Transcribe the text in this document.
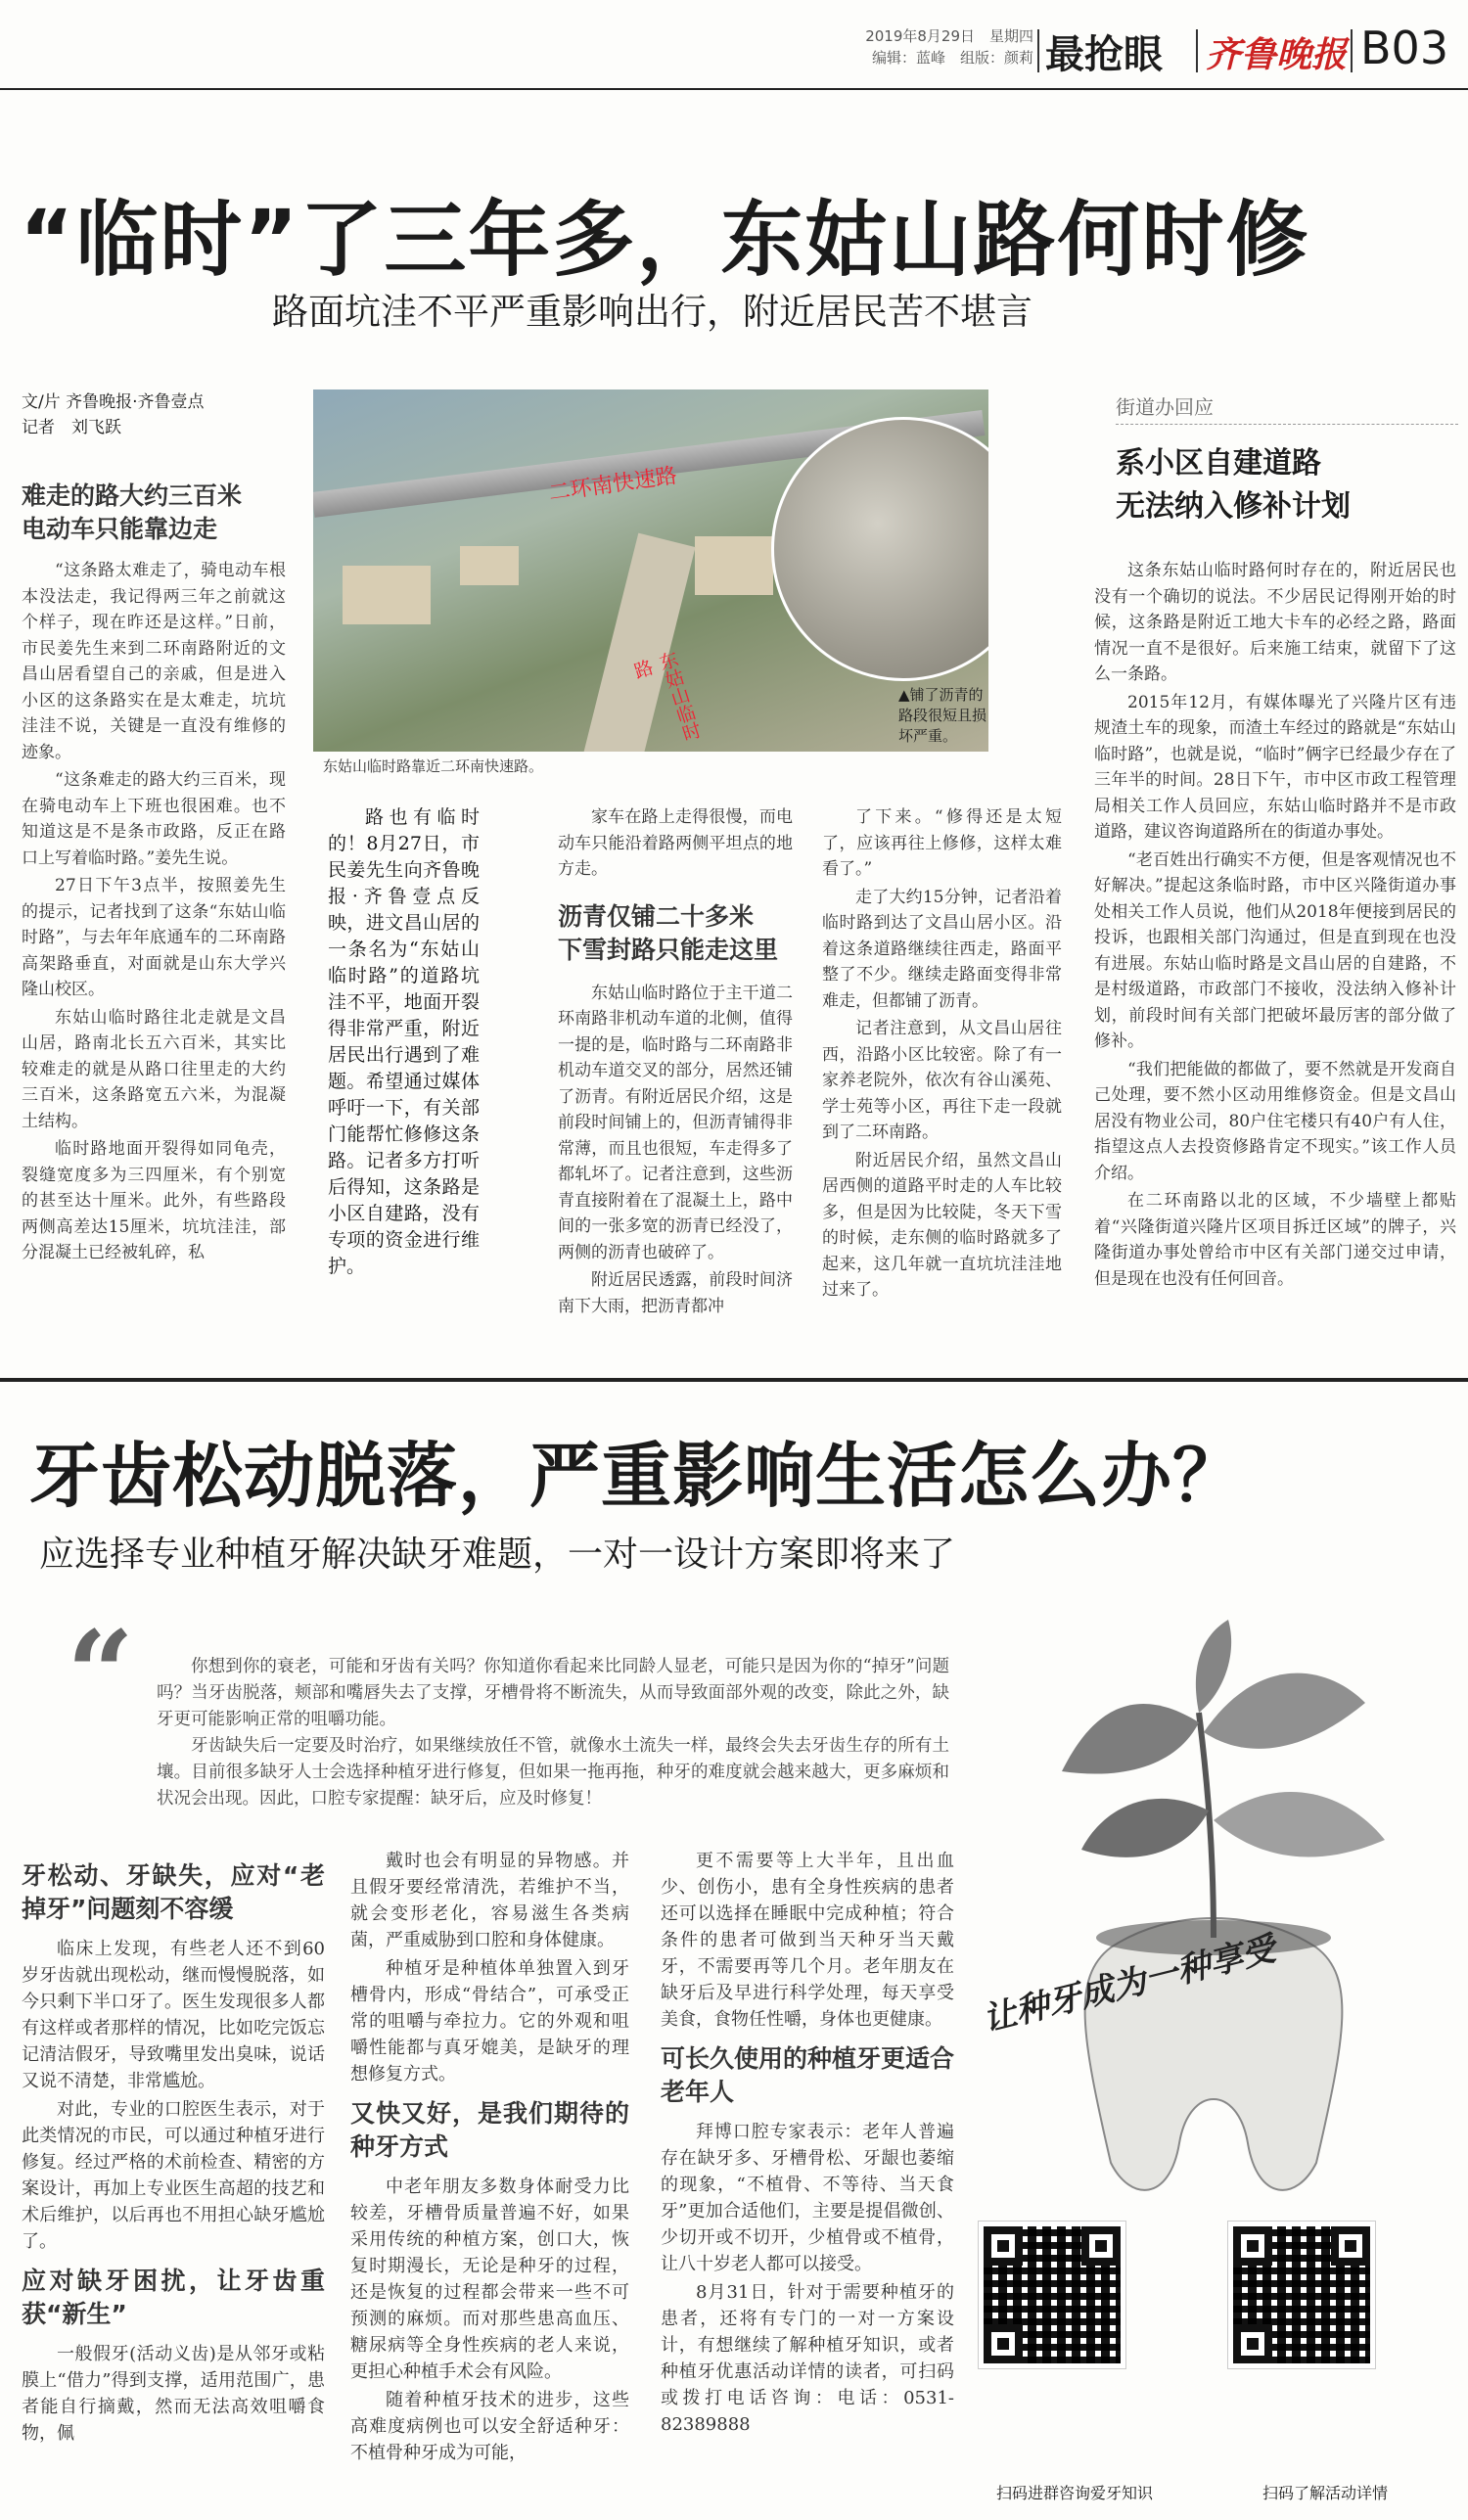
2019年8月29日　星期四
编辑：蓝峰　组版：颜莉 最抢眼 齐鲁晚报 B03
“临时”了三年多，东姑山路何时修
路面坑洼不平严重影响出行，附近居民苦不堪言
文/片 齐鲁晚报·齐鲁壹点
记者　刘飞跃
难走的路大约三百米
电动车只能靠边走

“这条路太难走了，骑电动车根本没法走，我记得两三年之前就这个样子，现在昨还是这样。”日前，市民姜先生来到二环南路附近的文昌山居看望自己的亲戚，但是进入小区的这条路实在是太难走，坑坑洼洼不说，关键是一直没有维修的迹象。

“这条难走的路大约三百米，现在骑电动车上下班也很困难。也不知道这是不是条市政路，反正在路口上写着临时路。”姜先生说。

27日下午3点半，按照姜先生的提示，记者找到了这条“东姑山临时路”，与去年年底通车的二环南路高架路垂直，对面就是山东大学兴隆山校区。

东姑山临时路往北走就是文昌山居，路南北长五六百米，其实比较难走的就是从路口往里走的大约三百米，这条路宽五六米，为混凝土结构。

临时路地面开裂得如同龟壳，裂缝宽度多为三四厘米，有个别宽的甚至达十厘米。此外，有些路段两侧高差达15厘米，坑坑洼洼，部分混凝土已经被轧碎，私

二环南快速路
东姑山临时路
东姑山临时路靠近二环南快速路。
▲铺了沥青的路段很短且损坏严重。

路也有临时的！8月27日，市民姜先生向齐鲁晚报·齐鲁壹点反映，进文昌山居的一条名为“东姑山临时路”的道路坑洼不平，地面开裂得非常严重，附近居民出行遇到了难题。希望通过媒体呼吁一下，有关部门能帮忙修修这条路。记者多方打听后得知，这条路是小区自建路，没有专项的资金进行维护。

家车在路上走得很慢，而电动车只能沿着路两侧平坦点的地方走。

沥青仅铺二十多米
下雪封路只能走这里

东姑山临时路位于主干道二环南路非机动车道的北侧，值得一提的是，临时路与二环南路非机动车道交叉的部分，居然还铺了沥青。有附近居民介绍，这是前段时间铺上的，但沥青铺得非常薄，而且也很短，车走得多了都轧坏了。记者注意到，这些沥青直接附着在了混凝土上，路中间的一张多宽的沥青已经没了，两侧的沥青也破碎了。

附近居民透露，前段时间济南下大雨，把沥青都冲

了下来。“修得还是太短了，应该再往上修修，这样太难看了。”

走了大约15分钟，记者沿着临时路到达了文昌山居小区。沿着这条道路继续往西走，路面平整了不少。继续走路面变得非常难走，但都铺了沥青。

记者注意到，从文昌山居往西，沿路小区比较密。除了有一家养老院外，依次有谷山溪苑、学士苑等小区，再往下走一段就到了二环南路。

附近居民介绍，虽然文昌山居西侧的道路平时走的人车比较多，但是因为比较陡，冬天下雪的时候，走东侧的临时路就多了起来，这几年就一直坑坑洼洼地过来了。

街道办回应
系小区自建道路
无法纳入修补计划

这条东姑山临时路何时存在的，附近居民也没有一个确切的说法。不少居民记得刚开始的时候，这条路是附近工地大卡车的必经之路，路面情况一直不是很好。后来施工结束，就留下了这么一条路。

2015年12月，有媒体曝光了兴隆片区有违规渣土车的现象，而渣土车经过的路就是“东姑山临时路”，也就是说，“临时”俩字已经最少存在了三年半的时间。28日下午，市中区市政工程管理局相关工作人员回应，东姑山临时路并不是市政道路，建议咨询道路所在的街道办事处。

“老百姓出行确实不方便，但是客观情况也不好解决。”提起这条临时路，市中区兴隆街道办事处相关工作人员说，他们从2018年便接到居民的投诉，也跟相关部门沟通过，但是直到现在也没有进展。东姑山临时路是文昌山居的自建路，不是村级道路，市政部门不接收，没法纳入修补计划，前段时间有关部门把破坏最厉害的部分做了修补。

“我们把能做的都做了，要不然就是开发商自己处理，要不然小区动用维修资金。但是文昌山居没有物业公司，80户住宅楼只有40户有人住，指望这点人去投资修路肯定不现实。”该工作人员介绍。

在二环南路以北的区域，不少墙壁上都贴着“兴隆街道兴隆片区项目拆迁区域”的牌子，兴隆街道办事处曾给市中区有关部门递交过申请，但是现在也没有任何回音。

牙齿松动脱落，严重影响生活怎么办？
应选择专业种植牙解决缺牙难题，一对一设计方案即将来了
“	你想到你的衰老，可能和牙齿有关吗？你知道你看起来比同龄人显老，可能只是因为你的“掉牙”问题吗？当牙齿脱落，颊部和嘴唇失去了支撑，牙槽骨将不断流失，从而导致面部外观的改变，除此之外，缺牙更可能影响正常的咀嚼功能。

牙齿缺失后一定要及时治疗，如果继续放任不管，就像水土流失一样，最终会失去牙齿生存的所有土壤。目前很多缺牙人士会选择种植牙进行修复，但如果一拖再拖，种牙的难度就会越来越大，更多麻烦和状况会出现。因此，口腔专家提醒：缺牙后，应及时修复！

牙松动、牙缺失，应对“老掉牙”问题刻不容缓

临床上发现，有些老人还不到60岁牙齿就出现松动，继而慢慢脱落，如今只剩下半口牙了。医生发现很多人都有这样或者那样的情况，比如吃完饭忘记清洁假牙，导致嘴里发出臭味，说话又说不清楚，非常尴尬。

对此，专业的口腔医生表示，对于此类情况的市民，可以通过种植牙进行修复。经过严格的术前检查、精密的方案设计，再加上专业医生高超的技艺和术后维护，以后再也不用担心缺牙尴尬了。

应对缺牙困扰，让牙齿重获“新生”

一般假牙(活动义齿)是从邻牙或粘膜上“借力”得到支撑，适用范围广，患者能自行摘戴，然而无法高效咀嚼食物，佩

戴时也会有明显的异物感。并且假牙要经常清洗，若维护不当，就会变形老化，容易滋生各类病菌，严重威胁到口腔和身体健康。

种植牙是种植体单独置入到牙槽骨内，形成“骨结合”，可承受正常的咀嚼与牵拉力。它的外观和咀嚼性能都与真牙媲美，是缺牙的理想修复方式。

又快又好，是我们期待的种牙方式

中老年朋友多数身体耐受力比较差，牙槽骨质量普遍不好，如果采用传统的种植方案，创口大，恢复时期漫长，无论是种牙的过程，还是恢复的过程都会带来一些不可预测的麻烦。而对那些患高血压、糖尿病等全身性疾病的老人来说，更担心种植手术会有风险。

随着种植牙技术的进步，这些高难度病例也可以安全舒适种牙：不植骨种牙成为可能，

更不需要等上大半年，且出血少、创伤小，患有全身性疾病的患者还可以选择在睡眠中完成种植；符合条件的患者可做到当天种牙当天戴牙，不需要再等几个月。老年朋友在缺牙后及早进行科学处理，每天享受美食，食物任性嚼，身体也更健康。

可长久使用的种植牙更适合老年人

拜博口腔专家表示：老年人普遍存在缺牙多、牙槽骨松、牙龈也萎缩的现象，“不植骨、不等待、当天食牙”更加合适他们，主要是提倡微创、少切开或不切开，少植骨或不植骨，让八十岁老人都可以接受。

8月31日，针对于需要种植牙的患者，还将有专门的一对一方案设计，有想继续了解种植牙知识，或者种植牙优惠活动详情的读者，可扫码或拨打电话咨询：电话：0531-82389888

让种牙成为一种享受
扫码进群咨询爱牙知识	扫码了解活动详情
